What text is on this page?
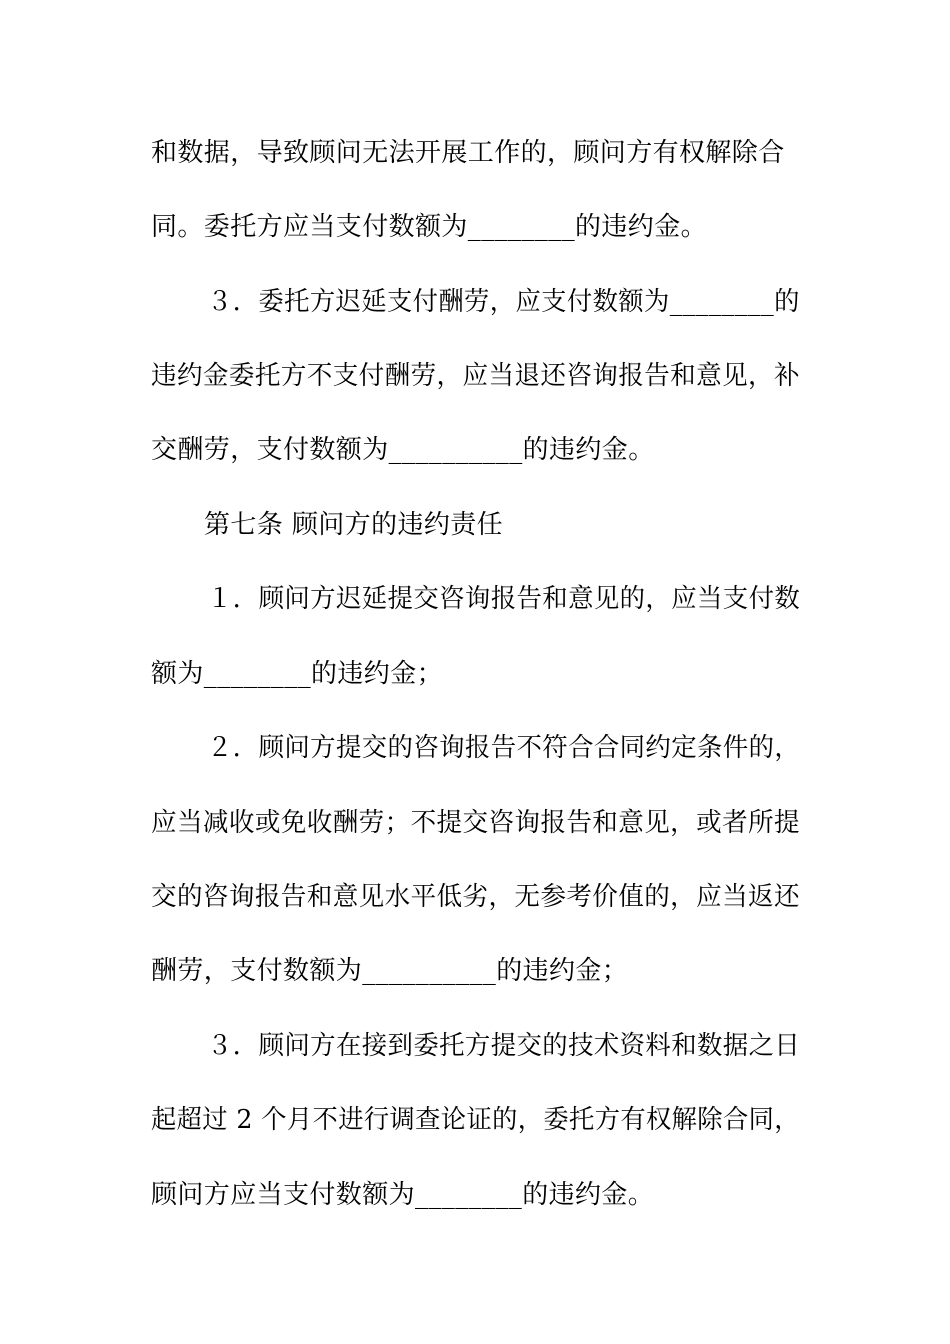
和数据，导致顾问无法开展工作的，顾问方有权解除合
同。委托方应当支付数额为________的违约金。
３．委托方迟延支付酬劳，应支付数额为________的
违约金委托方不支付酬劳，应当退还咨询报告和意见，补
交酬劳，支付数额为__________的违约金。
第七条 顾问方的违约责任
１．顾问方迟延提交咨询报告和意见的，应当支付数
额为________的违约金；
２．顾问方提交的咨询报告不符合合同约定条件的，
应当减收或免收酬劳；不提交咨询报告和意见，或者所提
交的咨询报告和意见水平低劣，无参考价值的，应当返还
酬劳，支付数额为__________的违约金；
３．顾问方在接到委托方提交的技术资料和数据之日
起超过 2 个月不进行调查论证的，委托方有权解除合同，
顾问方应当支付数额为________的违约金。
